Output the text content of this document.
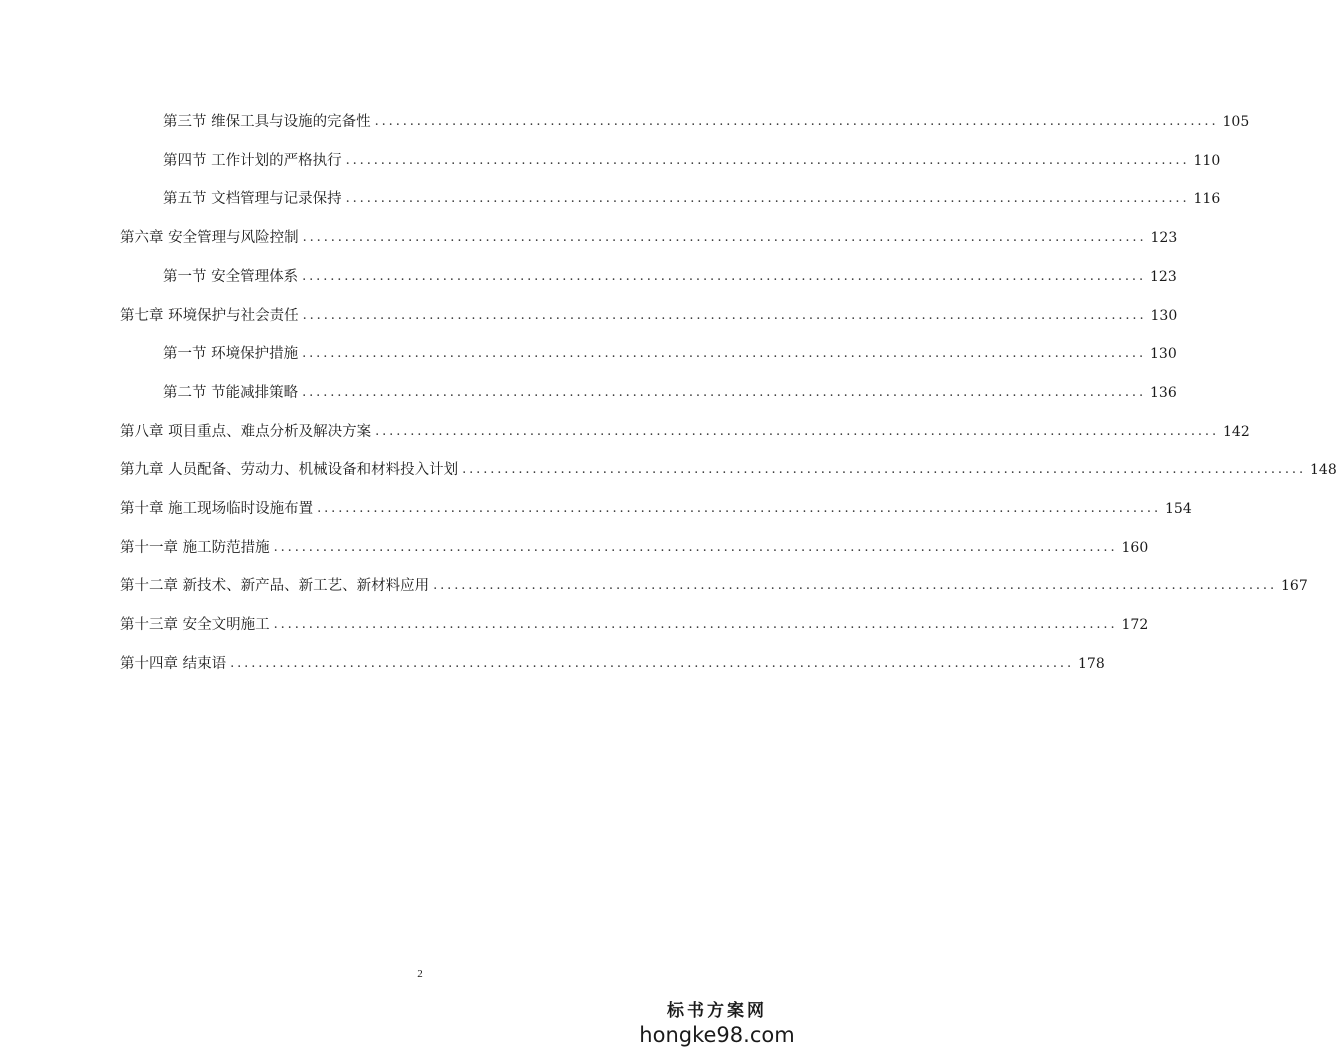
第三节 维保工具与设施的完备性 ........................................................................................................................ 105
第四节 工作计划的严格执行 ........................................................................................................................ 110
第五节 文档管理与记录保持 ........................................................................................................................ 116
第六章 安全管理与风险控制 ........................................................................................................................ 123
第一节 安全管理体系 ........................................................................................................................ 123
第七章 环境保护与社会责任 ........................................................................................................................ 130
第一节 环境保护措施 ........................................................................................................................ 130
第二节 节能减排策略 ........................................................................................................................ 136
第八章 项目重点、难点分析及解决方案 ........................................................................................................................ 142
第九章 人员配备、劳动力、机械设备和材料投入计划 ........................................................................................................................ 148
第十章 施工现场临时设施布置 ........................................................................................................................ 154
第十一章 施工防范措施 ........................................................................................................................ 160
第十二章 新技术、新产品、新工艺、新材料应用 ........................................................................................................................ 167
第十三章 安全文明施工 ........................................................................................................................ 172
第十四章 结束语 ........................................................................................................................ 178
2
标书方案网
hongke98.com
